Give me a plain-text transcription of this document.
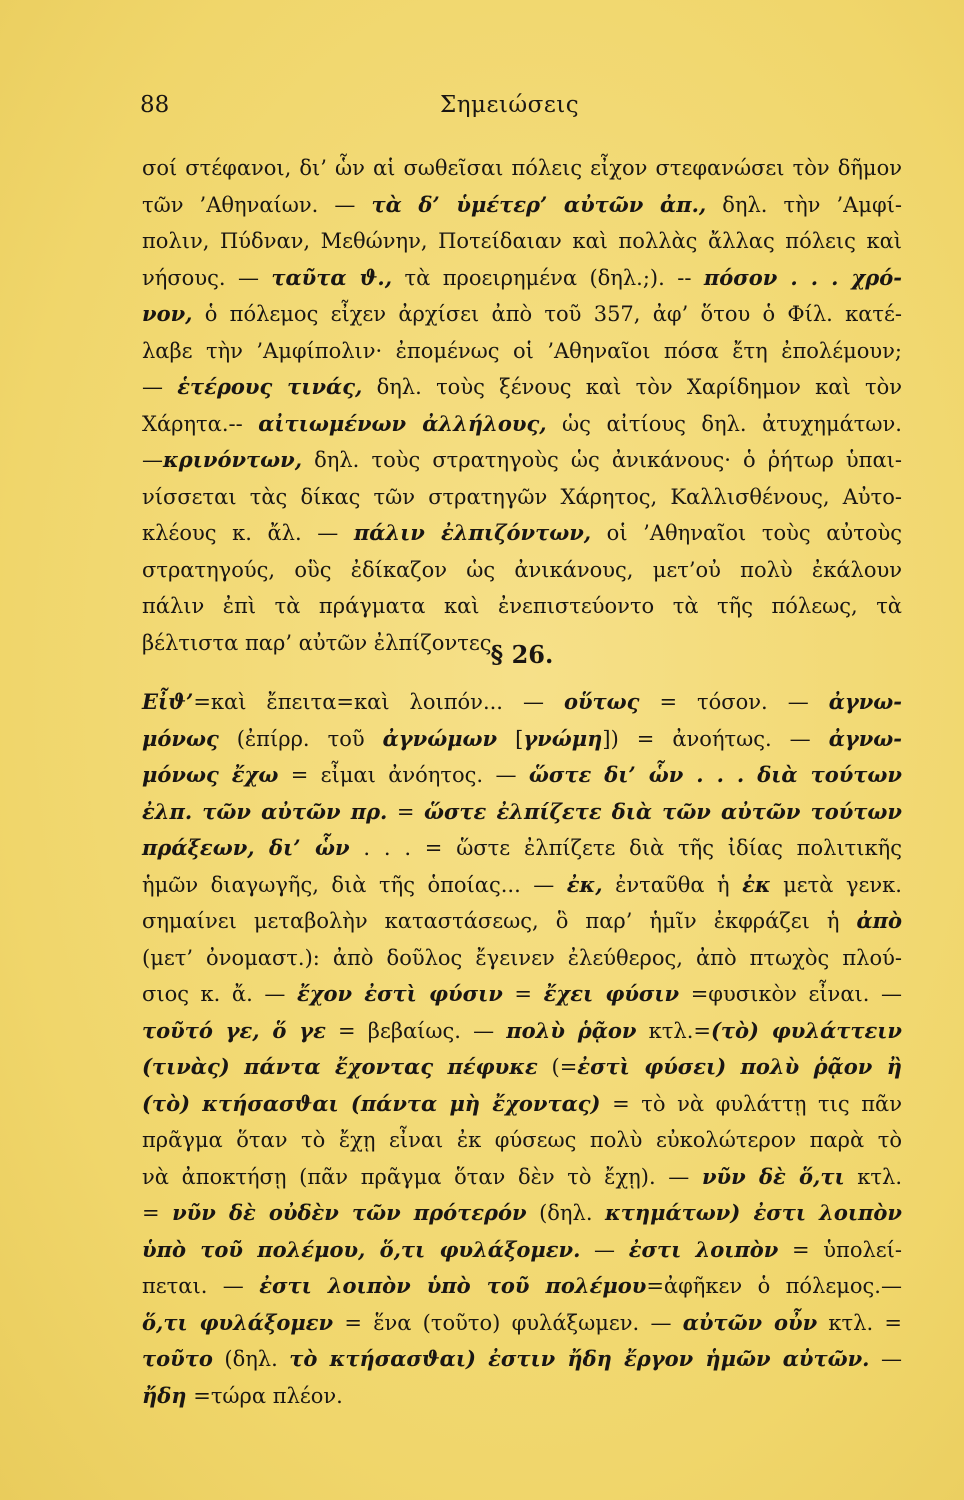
88	Σημειώσεις
σοί στέφανοι, δι’ ὧν αἱ σωθεῖσαι πόλεις εἶχον στεφανώσει τὸν δῆμον
τῶν ’Αθηναίων. — τὰ δ’ ὑμέτερ’ αὐτῶν ἀπ., δηλ. τὴν ’Αμφί-
πολιν, Πύδναν, Μεθώνην, Ποτείδαιαν καὶ πολλὰς ἄλλας πόλεις καὶ
νήσους. — ταῦτα ϑ., τὰ προειρημένα (δηλ.;). -- πόσον . . . χρό-
νον, ὁ πόλεμος εἶχεν ἀρχίσει ἀπὸ τοῦ 357, ἀφ’ ὅτου ὁ Φίλ. κατέ-
λαβε τὴν ’Αμφίπολιν· ἐπομένως οἱ ’Αθηναῖοι πόσα ἔτη ἐπολέμουν;
— ἑτέρους τινάς, δηλ. τοὺς ξένους καὶ τὸν Χαρίδημον καὶ τὸν
Χάρητα.-- αἰτιωμένων ἀλλήλους, ὡς αἰτίους δηλ. ἀτυχημάτων.
—κρινόντων, δηλ. τοὺς στρατηγοὺς ὡς ἀνικάνους· ὁ ῥήτωρ ὑπαι-
νίσσεται τὰς δίκας τῶν στρατηγῶν Χάρητος, Καλλισθένους, Αὐτο-
κλέους κ. ἄλ. — πάλιν ἐλπιζόντων, οἱ ’Αθηναῖοι τοὺς αὐτοὺς
στρατηγούς, οὓς ἐδίκαζον ὡς ἀνικάνους, μετ’οὐ πολὺ ἐκάλουν
πάλιν ἐπὶ τὰ πράγματα καὶ ἐνεπιστεύοντο τὰ τῆς πόλεως, τὰ
βέλτιστα παρ’ αὐτῶν ἐλπίζοντες.
§ 26.
Εἶϑ’=καὶ ἔπειτα=καὶ λοιπόν... — οὕτως = τόσον. — ἀγνω-
μόνως (ἐπίρρ. τοῦ ἀγνώμων [γνώμη]) = ἀνοήτως. — ἀγνω-
μόνως ἔχω = εἶμαι ἀνόητος. — ὥστε δι’ ὧν . . . διὰ τούτων
ἐλπ. τῶν αὐτῶν πρ. = ὥστε ἐλπίζετε διὰ τῶν αὐτῶν τούτων
πράξεων, δι’ ὧν . . . = ὥστε ἐλπίζετε διὰ τῆς ἰδίας πολιτικῆς
ἡμῶν διαγωγῆς, διὰ τῆς ὁποίας... — ἐκ, ἐνταῦθα ἡ ἐκ μετὰ γενκ.
σημαίνει μεταβολὴν καταστάσεως, ὃ παρ’ ἡμῖν ἐκφράζει ἡ ἀπὸ
(μετ’ ὀνομαστ.): ἀπὸ δοῦλος ἔγεινεν ἐλεύθερος, ἀπὸ πτωχὸς πλού-
σιος κ. ἄ. — ἔχον ἐστὶ φύσιν = ἔχει φύσιν =φυσικὸν εἶναι. —
τοῦτό γε, ὅ γε = βεβαίως. — πολὺ ῥᾷον κτλ.=(τὸ) φυλάττειν
(τινὰς) πάντα ἔχοντας πέφυκε (=ἐστὶ φύσει) πολὺ ῥᾷον ἢ
(τὸ) κτήσασϑαι (πάντα μὴ ἔχοντας) = τὸ νὰ φυλάττῃ τις πᾶν
πρᾶγμα ὅταν τὸ ἔχῃ εἶναι ἐκ φύσεως πολὺ εὐκολώτερον παρὰ τὸ
νὰ ἀποκτήσῃ (πᾶν πρᾶγμα ὅταν δὲν τὸ ἔχῃ). — νῦν δὲ ὅ,τι κτλ.
= νῦν δὲ οὐδὲν τῶν πρότερόν (δηλ. κτημάτων) ἐστι λοιπὸν
ὑπὸ τοῦ πολέμου, ὅ,τι φυλάξομεν. — ἐστι λοιπὸν = ὑπολεί-
πεται. — ἐστι λοιπὸν ὑπὸ τοῦ πολέμου=ἀφῆκεν ὁ πόλεμος.—
ὅ,τι φυλάξομεν = ἕνα (τοῦτο) φυλάξωμεν. — αὐτῶν οὖν κτλ. =
τοῦτο (δηλ. τὸ κτήσασϑαι) ἐστιν ἤδη ἔργον ἡμῶν αὐτῶν. —
ἤδη =τώρα πλέον.
